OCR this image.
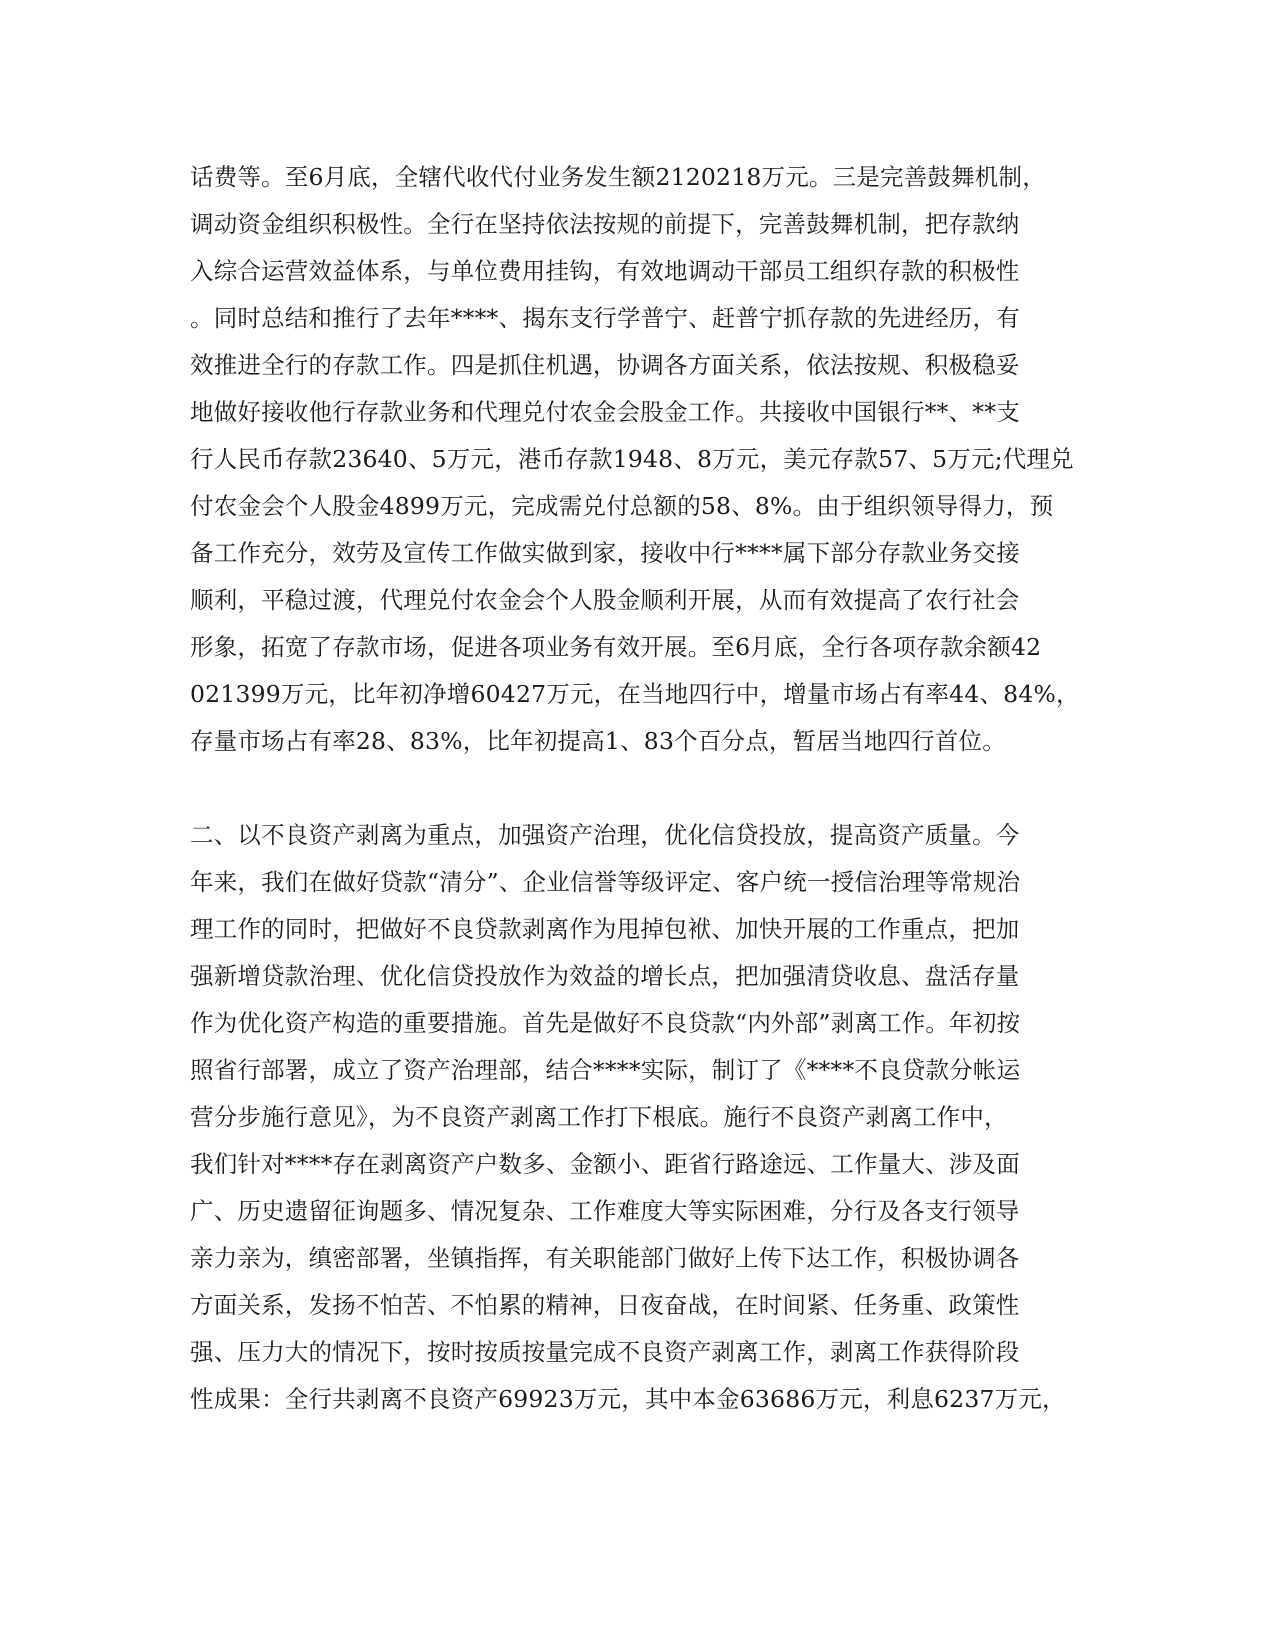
话费等。至6月底，全辖代收代付业务发生额2120218万元。三是完善鼓舞机制，
调动资金组织积极性。全行在坚持依法按规的前提下，完善鼓舞机制，把存款纳
入综合运营效益体系，与单位费用挂钩，有效地调动干部员工组织存款的积极性
。同时总结和推行了去年****、揭东支行学普宁、赶普宁抓存款的先进经历，有
效推进全行的存款工作。四是抓住机遇，协调各方面关系，依法按规、积极稳妥
地做好接收他行存款业务和代理兑付农金会股金工作。共接收中国银行**、**支
行人民币存款23640、5万元，港币存款1948、8万元，美元存款57、5万元;代理兑
付农金会个人股金4899万元，完成需兑付总额的58、8%。由于组织领导得力，预
备工作充分，效劳及宣传工作做实做到家，接收中行****属下部分存款业务交接
顺利，平稳过渡，代理兑付农金会个人股金顺利开展，从而有效提高了农行社会
形象，拓宽了存款市场，促进各项业务有效开展。至6月底，全行各项存款余额42
021399万元，比年初净增60427万元，在当地四行中，增量市场占有率44、84%，
存量市场占有率28、83%，比年初提高1、83个百分点，暂居当地四行首位。
二、以不良资产剥离为重点，加强资产治理，优化信贷投放，提高资产质量。今
年来，我们在做好贷款“清分”、企业信誉等级评定、客户统一授信治理等常规治
理工作的同时，把做好不良贷款剥离作为甩掉包袱、加快开展的工作重点，把加
强新增贷款治理、优化信贷投放作为效益的增长点，把加强清贷收息、盘活存量
作为优化资产构造的重要措施。首先是做好不良贷款“内外部”剥离工作。年初按
照省行部署，成立了资产治理部，结合****实际，制订了《****不良贷款分帐运
营分步施行意见》，为不良资产剥离工作打下根底。施行不良资产剥离工作中，
我们针对****存在剥离资产户数多、金额小、距省行路途远、工作量大、涉及面
广、历史遗留征询题多、情况复杂、工作难度大等实际困难，分行及各支行领导
亲力亲为，缜密部署，坐镇指挥，有关职能部门做好上传下达工作，积极协调各
方面关系，发扬不怕苦、不怕累的精神，日夜奋战，在时间紧、任务重、政策性
强、压力大的情况下，按时按质按量完成不良资产剥离工作，剥离工作获得阶段
性成果：全行共剥离不良资产69923万元，其中本金63686万元，利息6237万元，
